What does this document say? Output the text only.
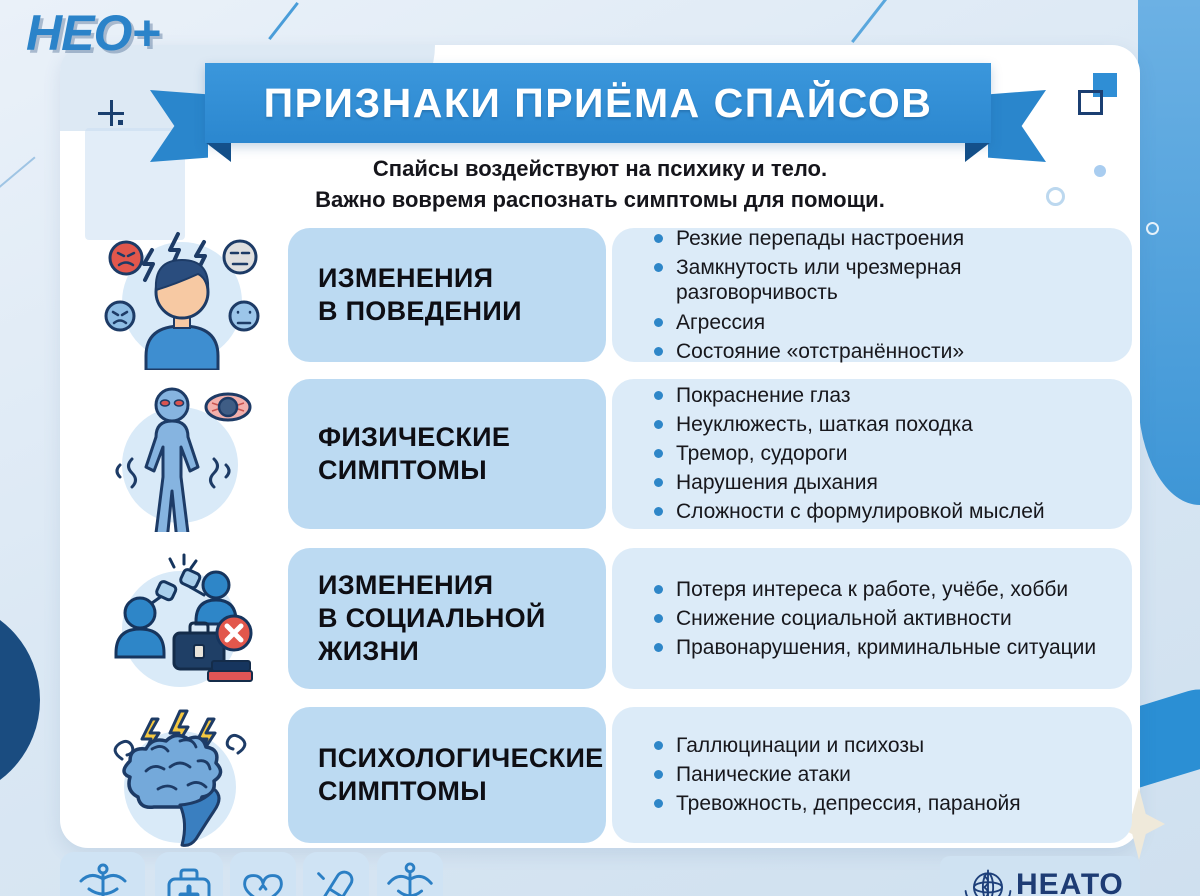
НЕО+
ПРИЗНАКИ ПРИЁМА СПАЙСОВ
Спайсы воздействуют на психику и тело.
Важно вовремя распознать симптомы для помощи.
ИЗМЕНЕНИЯ
В ПОВЕДЕНИИ
Резкие перепады настроения
Замкнутость или чрезмерная разговорчивость
Агрессия
Состояние «отстранённости»
ФИЗИЧЕСКИЕ
СИМПТОМЫ
Покраснение глаз
Неуклюжесть, шаткая походка
Тремор, судороги
Нарушения дыхания
Сложности с формулировкой мыслей
ИЗМЕНЕНИЯ
В СОЦИАЛЬНОЙ
ЖИЗНИ
Потеря интереса к работе, учёбе, хобби
Снижение социальной активности
Правонарушения, криминальные ситуации
ПСИХОЛОГИЧЕСКИЕ
СИМПТОМЫ
Галлюцинации и психозы
Панические атаки
Тревожность, депрессия, паранойя
НЕАТО
